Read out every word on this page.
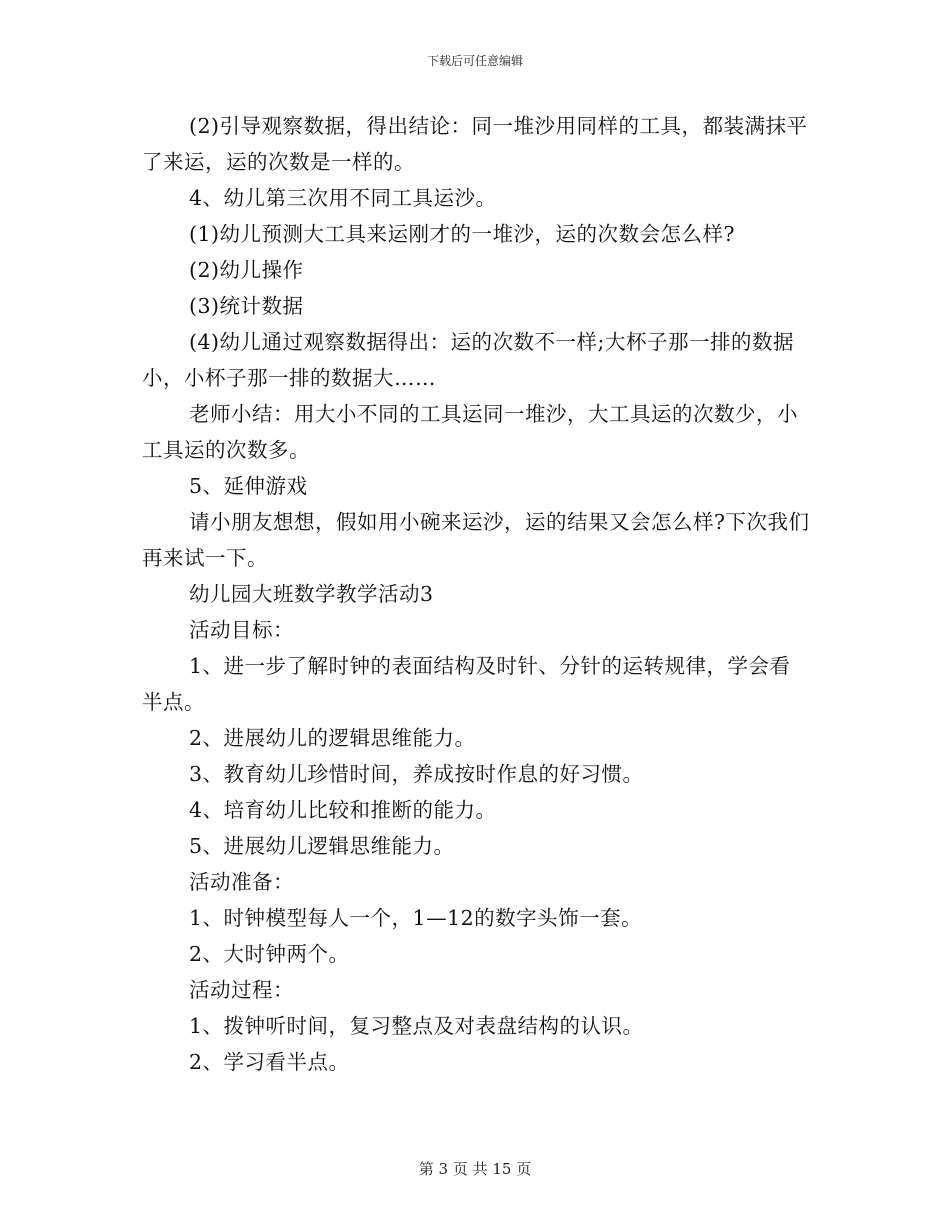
下载后可任意编辑

(2)引导观察数据，得出结论：同一堆沙用同样的工具，都装满抹平了来运，运的次数是一样的。

4、幼儿第三次用不同工具运沙。

(1)幼儿预测大工具来运刚才的一堆沙，运的次数会怎么样?

(2)幼儿操作

(3)统计数据

(4)幼儿通过观察数据得出：运的次数不一样;大杯子那一排的数据小，小杯子那一排的数据大……

老师小结：用大小不同的工具运同一堆沙，大工具运的次数少，小工具运的次数多。

5、延伸游戏

请小朋友想想，假如用小碗来运沙，运的结果又会怎么样?下次我们再来试一下。

幼儿园大班数学教学活动3

活动目标：

1、进一步了解时钟的表面结构及时针、分针的运转规律，学会看半点。

2、进展幼儿的逻辑思维能力。

3、教育幼儿珍惜时间，养成按时作息的好习惯。

4、培育幼儿比较和推断的能力。

5、进展幼儿逻辑思维能力。

活动准备：

1、时钟模型每人一个，1—12的数字头饰一套。

2、大时钟两个。

活动过程：

1、拨钟听时间，复习整点及对表盘结构的认识。

2、学习看半点。

第 3 页 共 15 页
